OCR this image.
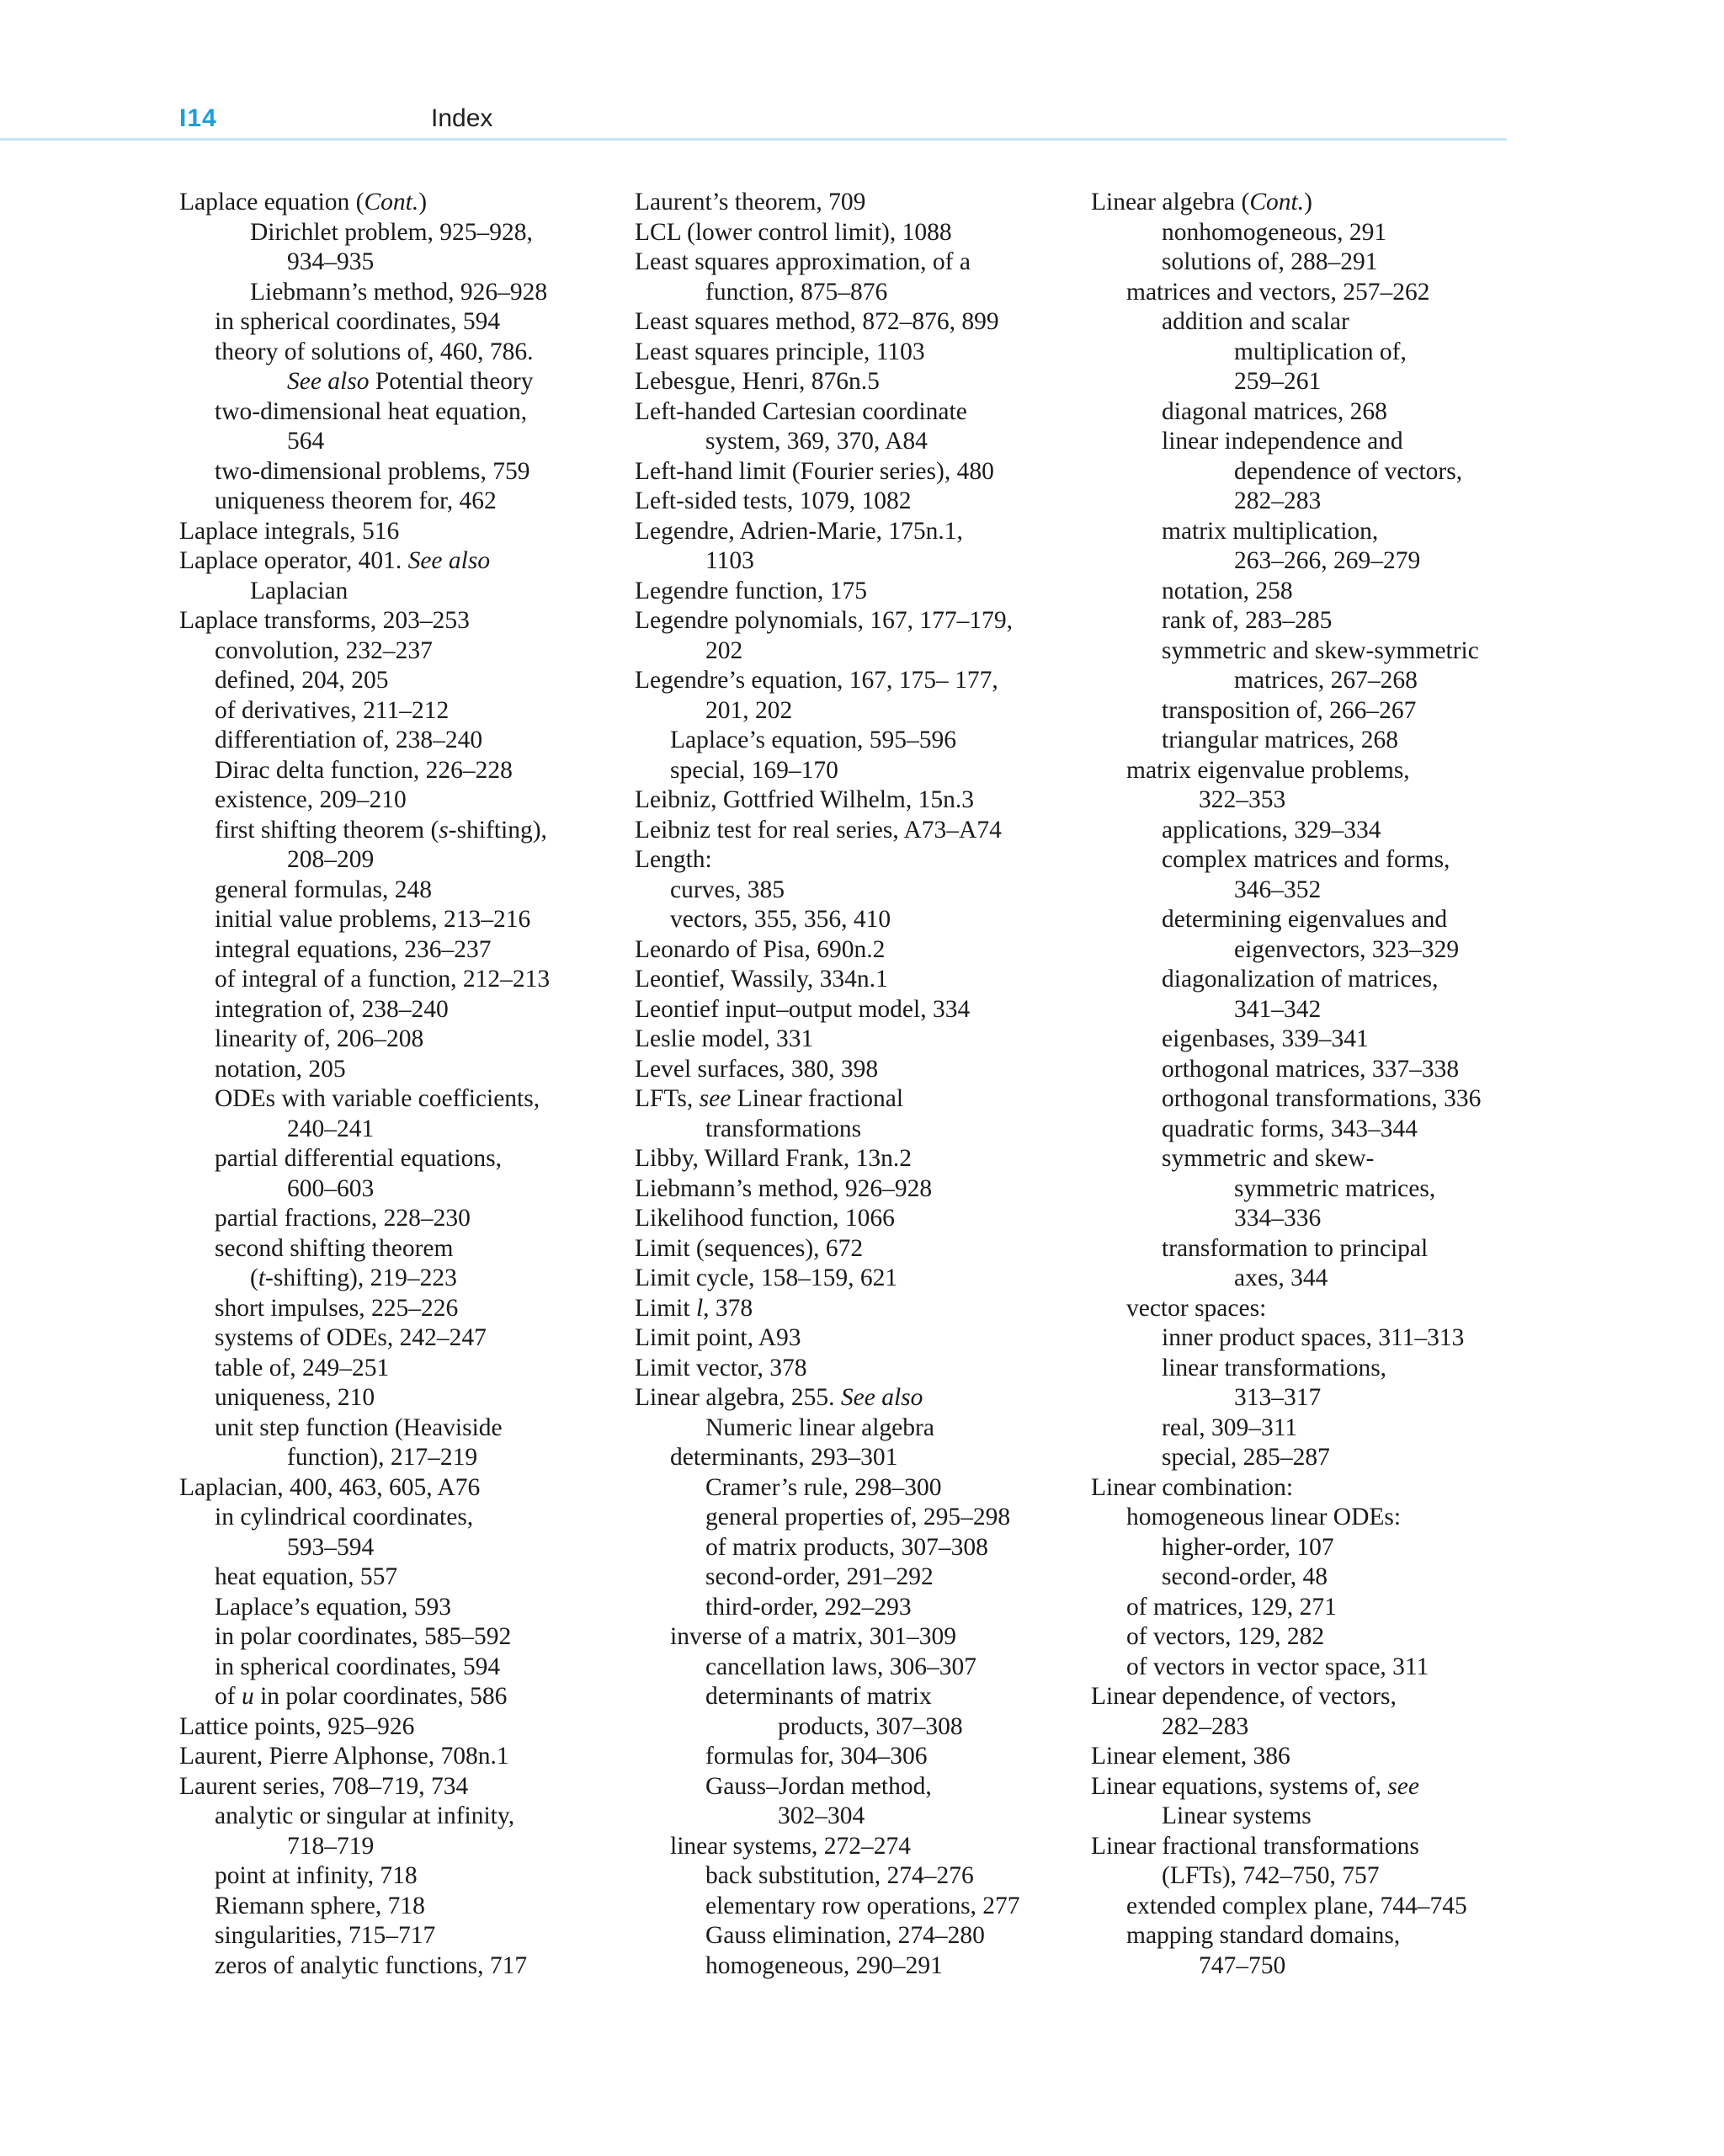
I14	Index
Laplace equation (Cont.)
Dirichlet problem, 925–928,
934–935
Liebmann’s method, 926–928
in spherical coordinates, 594
theory of solutions of, 460, 786.
See also Potential theory
two-dimensional heat equation,
564
two-dimensional problems, 759
uniqueness theorem for, 462
Laplace integrals, 516
Laplace operator, 401. See also
Laplacian
Laplace transforms, 203–253
convolution, 232–237
defined, 204, 205
of derivatives, 211–212
differentiation of, 238–240
Dirac delta function, 226–228
existence, 209–210
first shifting theorem (s-shifting),
208–209
general formulas, 248
initial value problems, 213–216
integral equations, 236–237
of integral of a function, 212–213
integration of, 238–240
linearity of, 206–208
notation, 205
ODEs with variable coefficients,
240–241
partial differential equations,
600–603
partial fractions, 228–230
second shifting theorem
(t-shifting), 219–223
short impulses, 225–226
systems of ODEs, 242–247
table of, 249–251
uniqueness, 210
unit step function (Heaviside
function), 217–219
Laplacian, 400, 463, 605, A76
in cylindrical coordinates,
593–594
heat equation, 557
Laplace’s equation, 593
in polar coordinates, 585–592
in spherical coordinates, 594
of u in polar coordinates, 586
Lattice points, 925–926
Laurent, Pierre Alphonse, 708n.1
Laurent series, 708–719, 734
analytic or singular at infinity,
718–719
point at infinity, 718
Riemann sphere, 718
singularities, 715–717
zeros of analytic functions, 717
Laurent’s theorem, 709
LCL (lower control limit), 1088
Least squares approximation, of a
function, 875–876
Least squares method, 872–876, 899
Least squares principle, 1103
Lebesgue, Henri, 876n.5
Left-handed Cartesian coordinate
system, 369, 370, A84
Left-hand limit (Fourier series), 480
Left-sided tests, 1079, 1082
Legendre, Adrien-Marie, 175n.1,
1103
Legendre function, 175
Legendre polynomials, 167, 177–179,
202
Legendre’s equation, 167, 175– 177,
201, 202
Laplace’s equation, 595–596
special, 169–170
Leibniz, Gottfried Wilhelm, 15n.3
Leibniz test for real series, A73–A74
Length:
curves, 385
vectors, 355, 356, 410
Leonardo of Pisa, 690n.2
Leontief, Wassily, 334n.1
Leontief input–output model, 334
Leslie model, 331
Level surfaces, 380, 398
LFTs, see Linear fractional
transformations
Libby, Willard Frank, 13n.2
Liebmann’s method, 926–928
Likelihood function, 1066
Limit (sequences), 672
Limit cycle, 158–159, 621
Limit l, 378
Limit point, A93
Limit vector, 378
Linear algebra, 255. See also
Numeric linear algebra
determinants, 293–301
Cramer’s rule, 298–300
general properties of, 295–298
of matrix products, 307–308
second-order, 291–292
third-order, 292–293
inverse of a matrix, 301–309
cancellation laws, 306–307
determinants of matrix
products, 307–308
formulas for, 304–306
Gauss–Jordan method,
302–304
linear systems, 272–274
back substitution, 274–276
elementary row operations, 277
Gauss elimination, 274–280
homogeneous, 290–291
Linear algebra (Cont.)
nonhomogeneous, 291
solutions of, 288–291
matrices and vectors, 257–262
addition and scalar
multiplication of,
259–261
diagonal matrices, 268
linear independence and
dependence of vectors,
282–283
matrix multiplication,
263–266, 269–279
notation, 258
rank of, 283–285
symmetric and skew-symmetric
matrices, 267–268
transposition of, 266–267
triangular matrices, 268
matrix eigenvalue problems,
322–353
applications, 329–334
complex matrices and forms,
346–352
determining eigenvalues and
eigenvectors, 323–329
diagonalization of matrices,
341–342
eigenbases, 339–341
orthogonal matrices, 337–338
orthogonal transformations, 336
quadratic forms, 343–344
symmetric and skew-
symmetric matrices,
334–336
transformation to principal
axes, 344
vector spaces:
inner product spaces, 311–313
linear transformations,
313–317
real, 309–311
special, 285–287
Linear combination:
homogeneous linear ODEs:
higher-order, 107
second-order, 48
of matrices, 129, 271
of vectors, 129, 282
of vectors in vector space, 311
Linear dependence, of vectors,
282–283
Linear element, 386
Linear equations, systems of, see
Linear systems
Linear fractional transformations
(LFTs), 742–750, 757
extended complex plane, 744–745
mapping standard domains,
747–750
